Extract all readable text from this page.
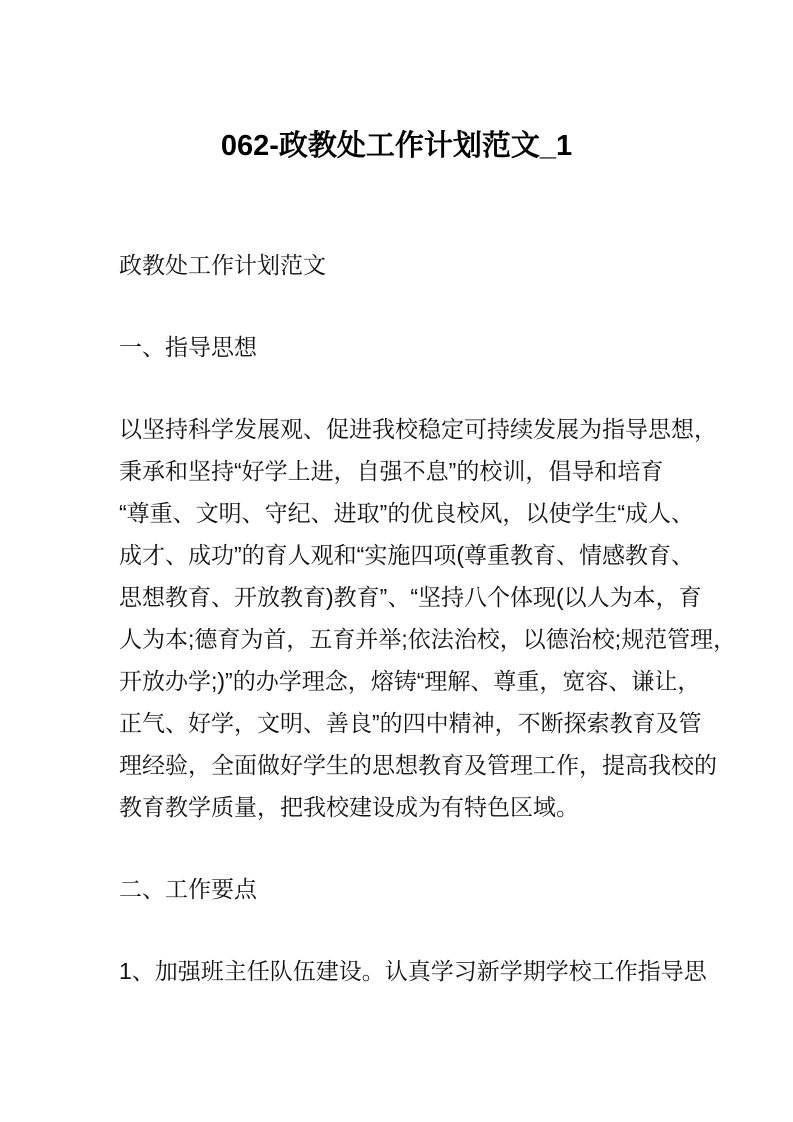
062-政教处工作计划范文_1
政教处工作计划范文
一、指导思想
以坚持科学发展观、促进我校稳定可持续发展为指导思想，
秉承和坚持“好学上进，自强不息”的校训，倡导和培育
“尊重、文明、守纪、进取”的优良校风，以使学生“成人、
成才、成功”的育人观和“实施四项(尊重教育、情感教育、
思想教育、开放教育)教育”、“坚持八个体现(以人为本，育
人为本;德育为首，五育并举;依法治校，以德治校;规范管理，
开放办学;)”的办学理念，熔铸“理解、尊重，宽容、谦让，
正气、好学，文明、善良”的四中精神，不断探索教育及管
理经验，全面做好学生的思想教育及管理工作，提高我校的
教育教学质量，把我校建设成为有特色区域。
二、工作要点
1、加强班主任队伍建设。认真学习新学期学校工作指导思
